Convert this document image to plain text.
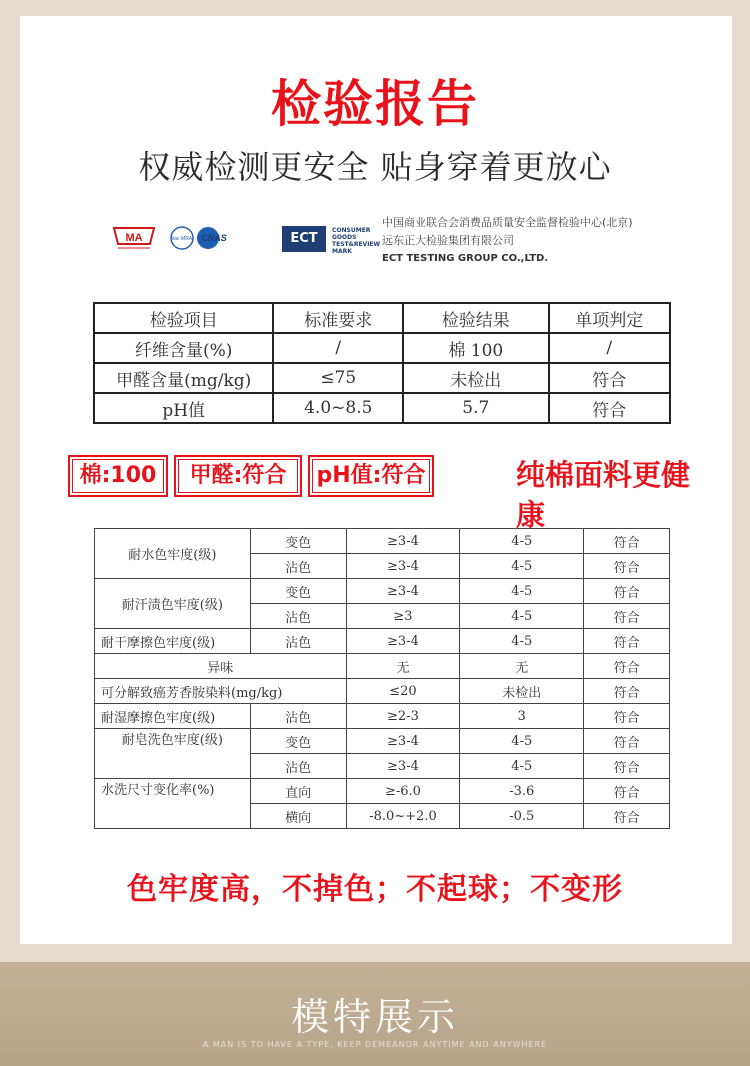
检验报告
权威检测更安全 贴身穿着更放心
MA	ilac·MRA CNAS	ECT
CONSUMER GOODS TEST&REVIEW MARK
中国商业联合会消费品质量安全监督检验中心(北京)
远东正大检验集团有限公司
ECT TESTING GROUP CO.,LTD.
检验项目	标准要求	检验结果	单项判定
纤维含量(%)	/	棉 100	/
甲醛含量(mg/kg)	≤75	未检出	符合
pH值	4.0~8.5	5.7	符合
棉:100	甲醛:符合	pH值:符合	纯棉面料更健康
耐水色牢度(级)	变色	≥3-4	4-5	符合
	沾色	≥3-4	4-5	符合
耐汗渍色牢度(级)	变色	≥3-4	4-5	符合
	沾色	≥3	4-5	符合
耐干摩擦色牢度(级)	沾色	≥3-4	4-5	符合
异味		无	无	符合
可分解致癌芳香胺染料(mg/kg)		≤20	未检出	符合
耐湿摩擦色牢度(级)	沾色	≥2-3	3	符合
耐皂洗色牢度(级)	变色	≥3-4	4-5	符合
	沾色	≥3-4	4-5	符合
水洗尺寸变化率(%)	直向	≥-6.0	-3.6	符合
	横向	-8.0~+2.0	-0.5	符合
色牢度高，不掉色；不起球；不变形
模特展示
A MAN IS TO HAVE A TYPE, KEEP DEMEANOR ANYTIME AND ANYWHERE
